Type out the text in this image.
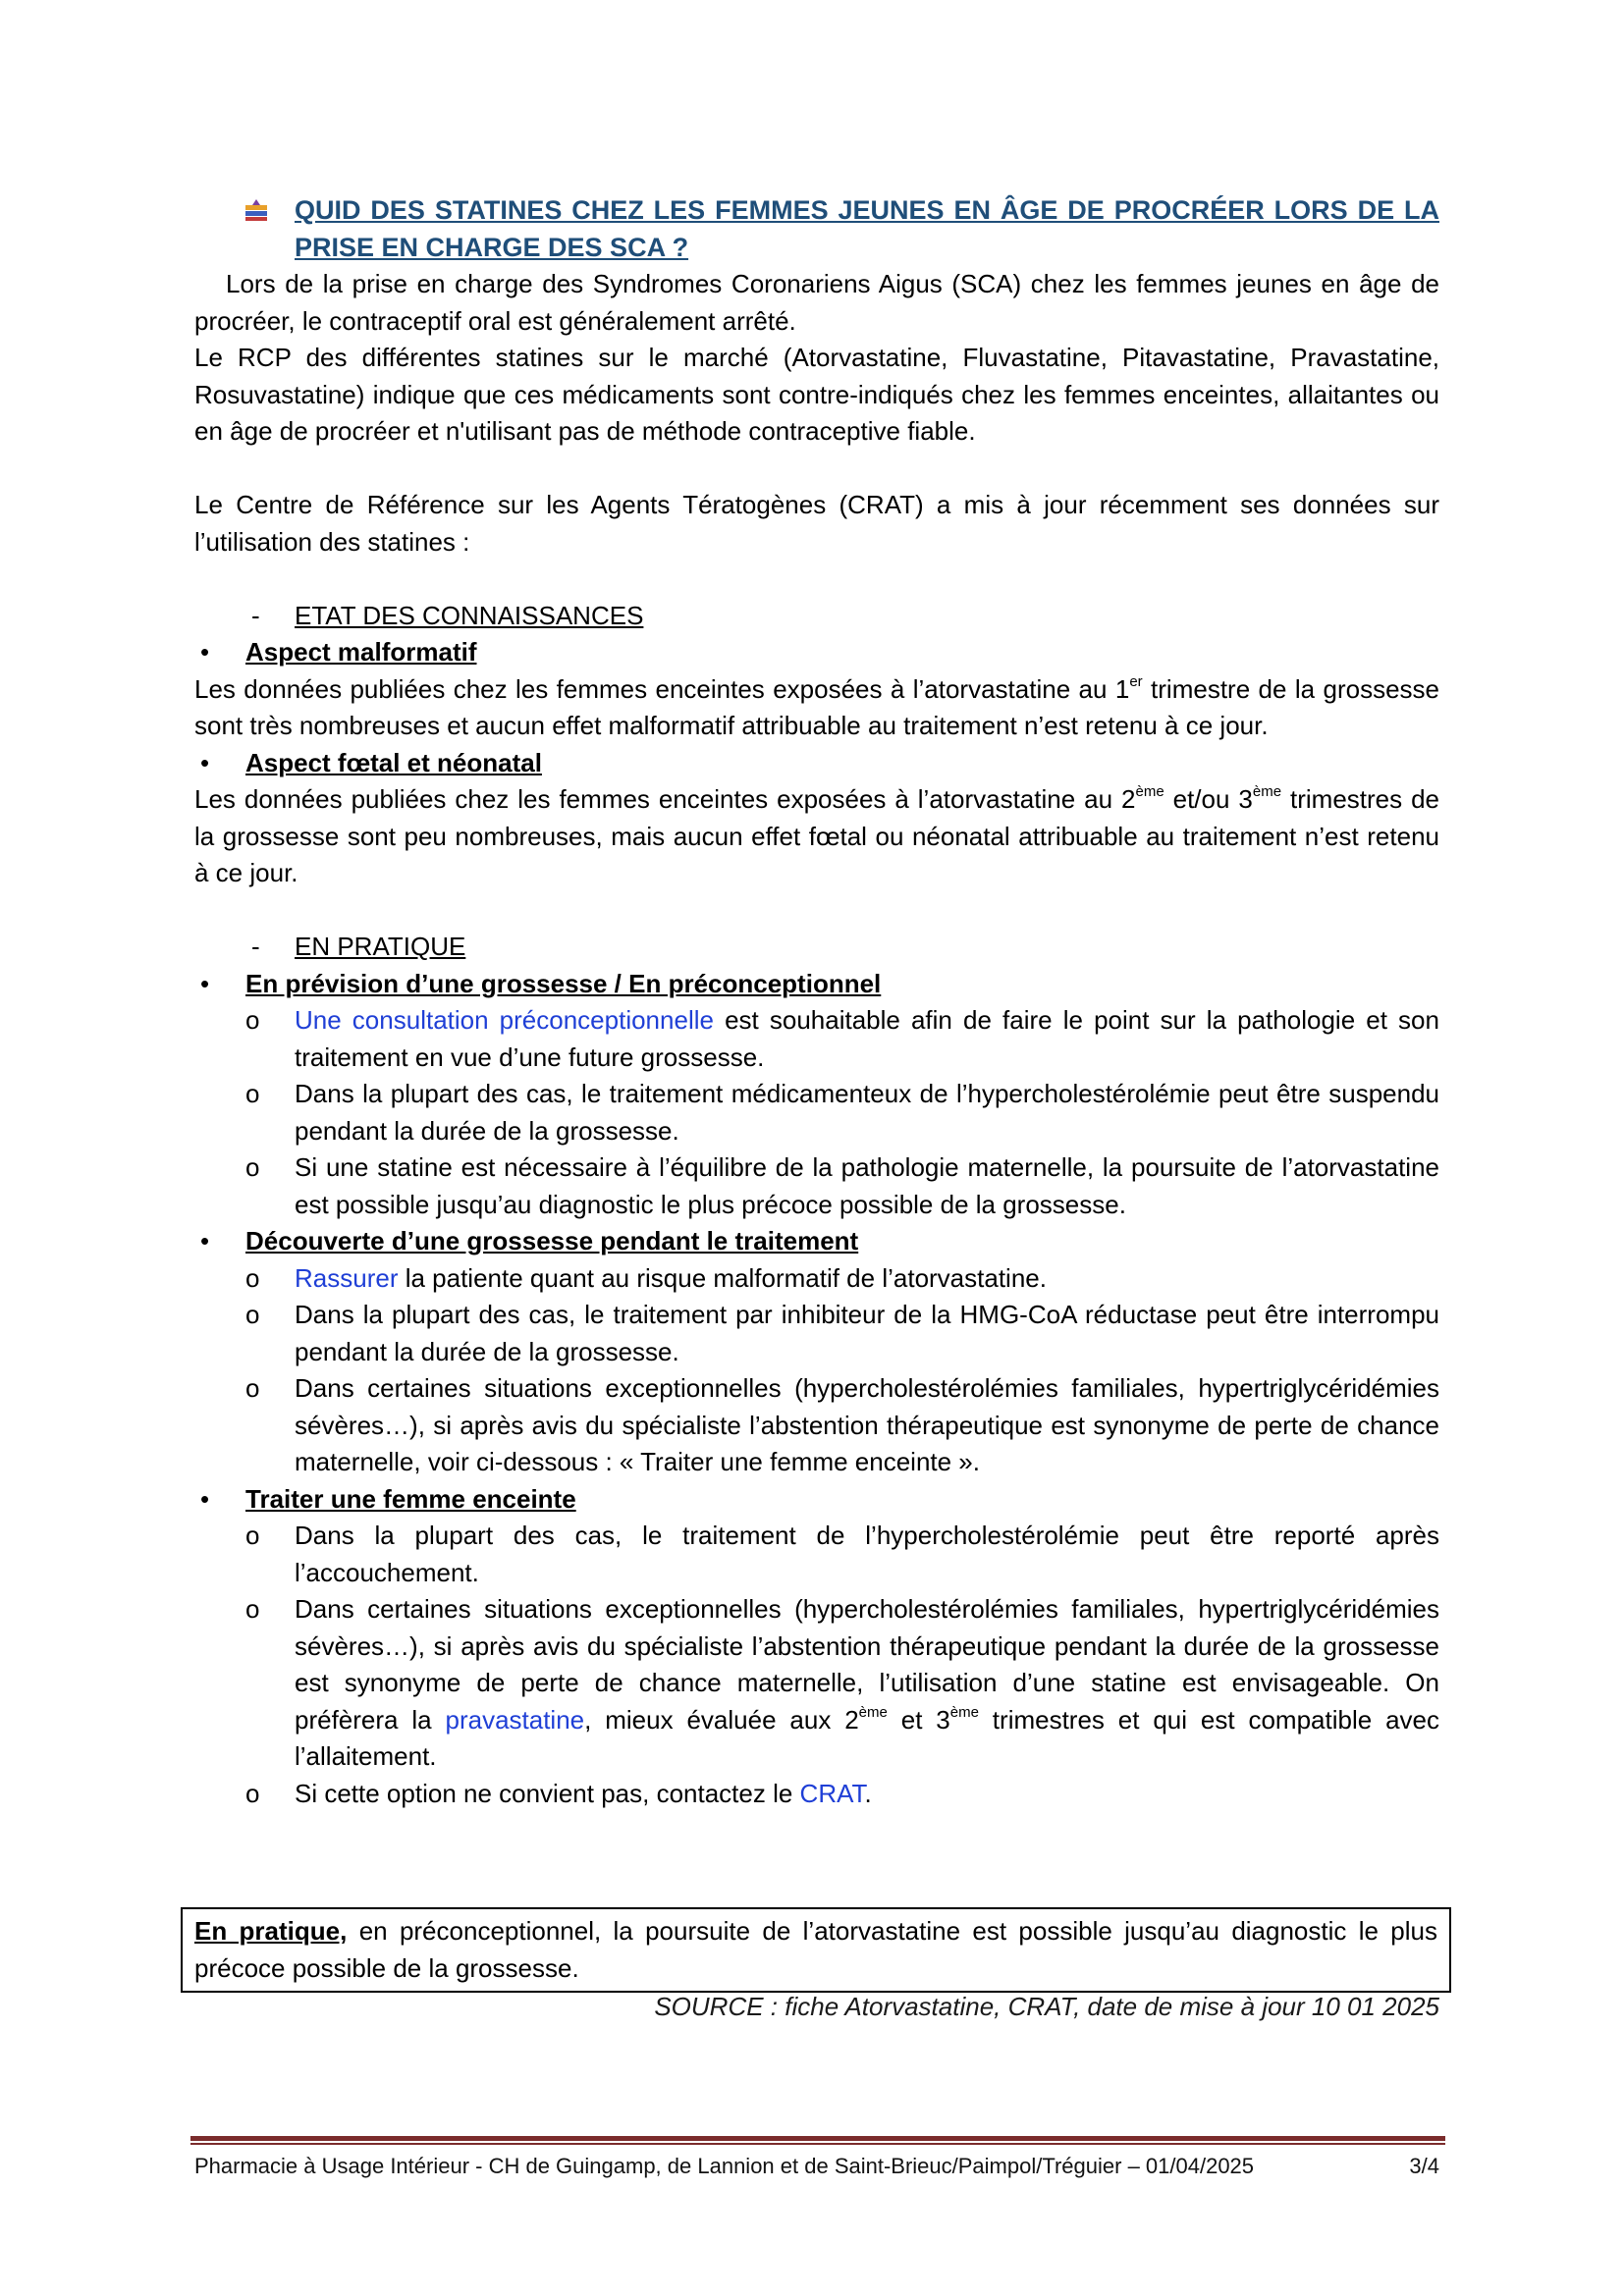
QUID DES STATINES CHEZ LES FEMMES JEUNES EN ÂGE DE PROCRÉER LORS DE LA PRISE EN CHARGE DES SCA ?

Lors de la prise en charge des Syndromes Coronariens Aigus (SCA) chez les femmes jeunes en âge de procréer, le contraceptif oral est généralement arrêté.

Le RCP des différentes statines sur le marché (Atorvastatine, Fluvastatine, Pitavastatine, Pravastatine, Rosuvastatine) indique que ces médicaments sont contre-indiqués chez les femmes enceintes, allaitantes ou en âge de procréer et n'utilisant pas de méthode contraceptive fiable.

Le Centre de Référence sur les Agents Tératogènes (CRAT) a mis à jour récemment ses données sur l’utilisation des statines :

- ETAT DES CONNAISSANCES

• Aspect malformatif

Les données publiées chez les femmes enceintes exposées à l’atorvastatine au 1er trimestre de la grossesse sont très nombreuses et aucun effet malformatif attribuable au traitement n’est retenu à ce jour.

• Aspect fœtal et néonatal

Les données publiées chez les femmes enceintes exposées à l’atorvastatine au 2ème et/ou 3ème trimestres de la grossesse sont peu nombreuses, mais aucun effet fœtal ou néonatal attribuable au traitement n’est retenu à ce jour.

- EN PRATIQUE

• En prévision d’une grossesse / En préconceptionnel

o Une consultation préconceptionnelle est souhaitable afin de faire le point sur la pathologie et son traitement en vue d’une future grossesse.

o Dans la plupart des cas, le traitement médicamenteux de l’hypercholestérolémie peut être suspendu pendant la durée de la grossesse.

o Si une statine est nécessaire à l’équilibre de la pathologie maternelle, la poursuite de l’atorvastatine est possible jusqu’au diagnostic le plus précoce possible de la grossesse.

• Découverte d’une grossesse pendant le traitement

o Rassurer la patiente quant au risque malformatif de l’atorvastatine.

o Dans la plupart des cas, le traitement par inhibiteur de la HMG-CoA réductase peut être interrompu pendant la durée de la grossesse.

o Dans certaines situations exceptionnelles (hypercholestérolémies familiales, hypertriglycéridémies sévères…), si après avis du spécialiste l’abstention thérapeutique est synonyme de perte de chance maternelle, voir ci-dessous : « Traiter une femme enceinte ».

• Traiter une femme enceinte

o Dans la plupart des cas, le traitement de l’hypercholestérolémie peut être reporté après l’accouchement.

o Dans certaines situations exceptionnelles (hypercholestérolémies familiales, hypertriglycéridémies sévères…), si après avis du spécialiste l’abstention thérapeutique pendant la durée de la grossesse est synonyme de perte de chance maternelle, l’utilisation d’une statine est envisageable. On préfèrera la pravastatine, mieux évaluée aux 2ème et 3ème trimestres et qui est compatible avec l’allaitement.

o Si cette option ne convient pas, contactez le CRAT.

En pratique, en préconceptionnel, la poursuite de l’atorvastatine est possible jusqu’au diagnostic le plus précoce possible de la grossesse.
SOURCE : fiche Atorvastatine, CRAT, date de mise à jour 10 01 2025
Pharmacie à Usage Intérieur - CH de Guingamp, de Lannion et de Saint-Brieuc/Paimpol/Tréguier – 01/04/2025	3/4
